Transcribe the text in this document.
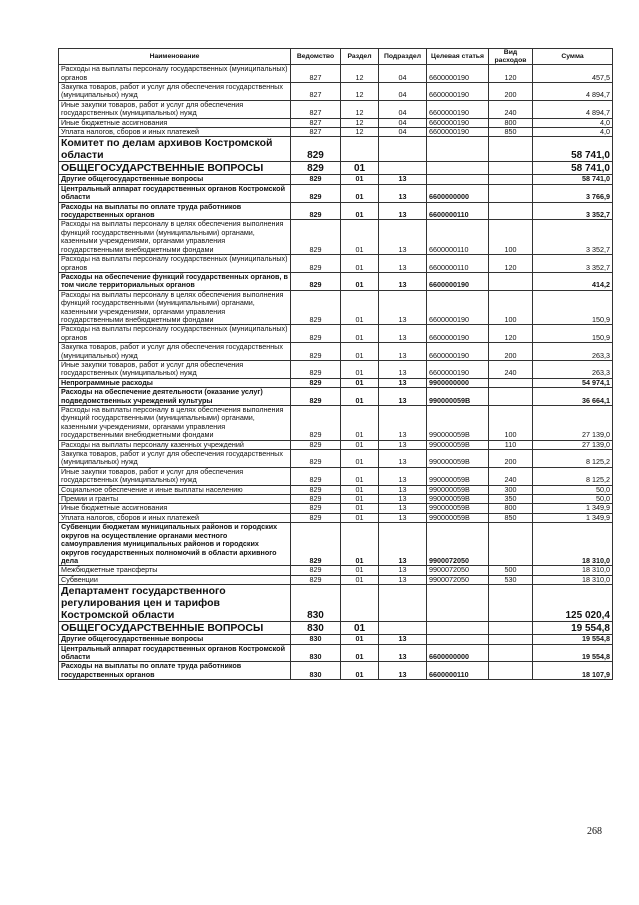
Наименование	Ведомство	Раздел	Подраздел	Целевая статья	Вид расходов	Сумма
Расходы на выплаты персоналу государственных (муниципальных) органов	827	12	04	6600000190	120	457,5
Закупка товаров, работ и услуг для обеспечения государственных (муниципальных) нужд	827	12	04	6600000190	200	4 894,7
Иные закупки товаров, работ и услуг для обеспечения государственных (муниципальных) нужд	827	12	04	6600000190	240	4 894,7
Иные бюджетные ассигнования	827	12	04	6600000190	800	4,0
Уплата налогов, сборов и иных платежей	827	12	04	6600000190	850	4,0
Комитет по делам архивов Костромской области	829					58 741,0
ОБЩЕГОСУДАРСТВЕННЫЕ ВОПРОСЫ	829	01				58 741,0
Другие общегосударственные вопросы	829	01	13			58 741,0
Центральный аппарат государственных органов Костромской области	829	01	13	6600000000		3 766,9
Расходы на выплаты по оплате труда работников государственных органов	829	01	13	6600000110		3 352,7
Расходы на выплаты персоналу в целях обеспечения выполнения функций государственными (муниципальными) органами, казенными учреждениями, органами управления государственными внебюджетными фондами	829	01	13	6600000110	100	3 352,7
Расходы на выплаты персоналу государственных (муниципальных) органов	829	01	13	6600000110	120	3 352,7
Расходы на обеспечение функций государственных органов, в том числе территориальных органов	829	01	13	6600000190		414,2
Расходы на выплаты персоналу в целях обеспечения выполнения функций государственными (муниципальными) органами, казенными учреждениями, органами управления государственными внебюджетными фондами	829	01	13	6600000190	100	150,9
Расходы на выплаты персоналу государственных (муниципальных) органов	829	01	13	6600000190	120	150,9
Закупка товаров, работ и услуг для обеспечения государственных (муниципальных) нужд	829	01	13	6600000190	200	263,3
Иные закупки товаров, работ и услуг для обеспечения государственных (муниципальных) нужд	829	01	13	6600000190	240	263,3
Непрограммные расходы	829	01	13	9900000000		54 974,1
Расходы на обеспечение деятельности (оказание услуг) подведомственных учреждений культуры	829	01	13	990000059В		36 664,1
Расходы на выплаты персоналу в целях обеспечения выполнения функций государственными (муниципальными) органами, казенными учреждениями, органами управления государственными внебюджетными фондами	829	01	13	990000059В	100	27 139,0
Расходы на выплаты персоналу казенных учреждений	829	01	13	990000059В	110	27 139,0
Закупка товаров, работ и услуг для обеспечения государственных (муниципальных) нужд	829	01	13	990000059В	200	8 125,2
Иные закупки товаров, работ и услуг для обеспечения государственных (муниципальных) нужд	829	01	13	990000059В	240	8 125,2
Социальное обеспечение и иные выплаты населению	829	01	13	990000059В	300	50,0
Премии и гранты	829	01	13	990000059В	350	50,0
Иные бюджетные ассигнования	829	01	13	990000059В	800	1 349,9
Уплата налогов, сборов и иных платежей	829	01	13	990000059В	850	1 349,9
Субвенции бюджетам муниципальных районов и городских округов на осуществление органами местного самоуправления муниципальных районов и городских округов государственных полномочий в области архивного дела	829	01	13	9900072050		18 310,0
Межбюджетные трансферты	829	01	13	9900072050	500	18 310,0
Субвенции	829	01	13	9900072050	530	18 310,0
Департамент государственного регулирования цен и тарифов Костромской области	830					125 020,4
ОБЩЕГОСУДАРСТВЕННЫЕ ВОПРОСЫ	830	01				19 554,8
Другие общегосударственные вопросы	830	01	13			19 554,8
Центральный аппарат государственных органов Костромской области	830	01	13	6600000000		19 554,8
Расходы на выплаты по оплате труда работников государственных органов	830	01	13	6600000110		18 107,9
268
